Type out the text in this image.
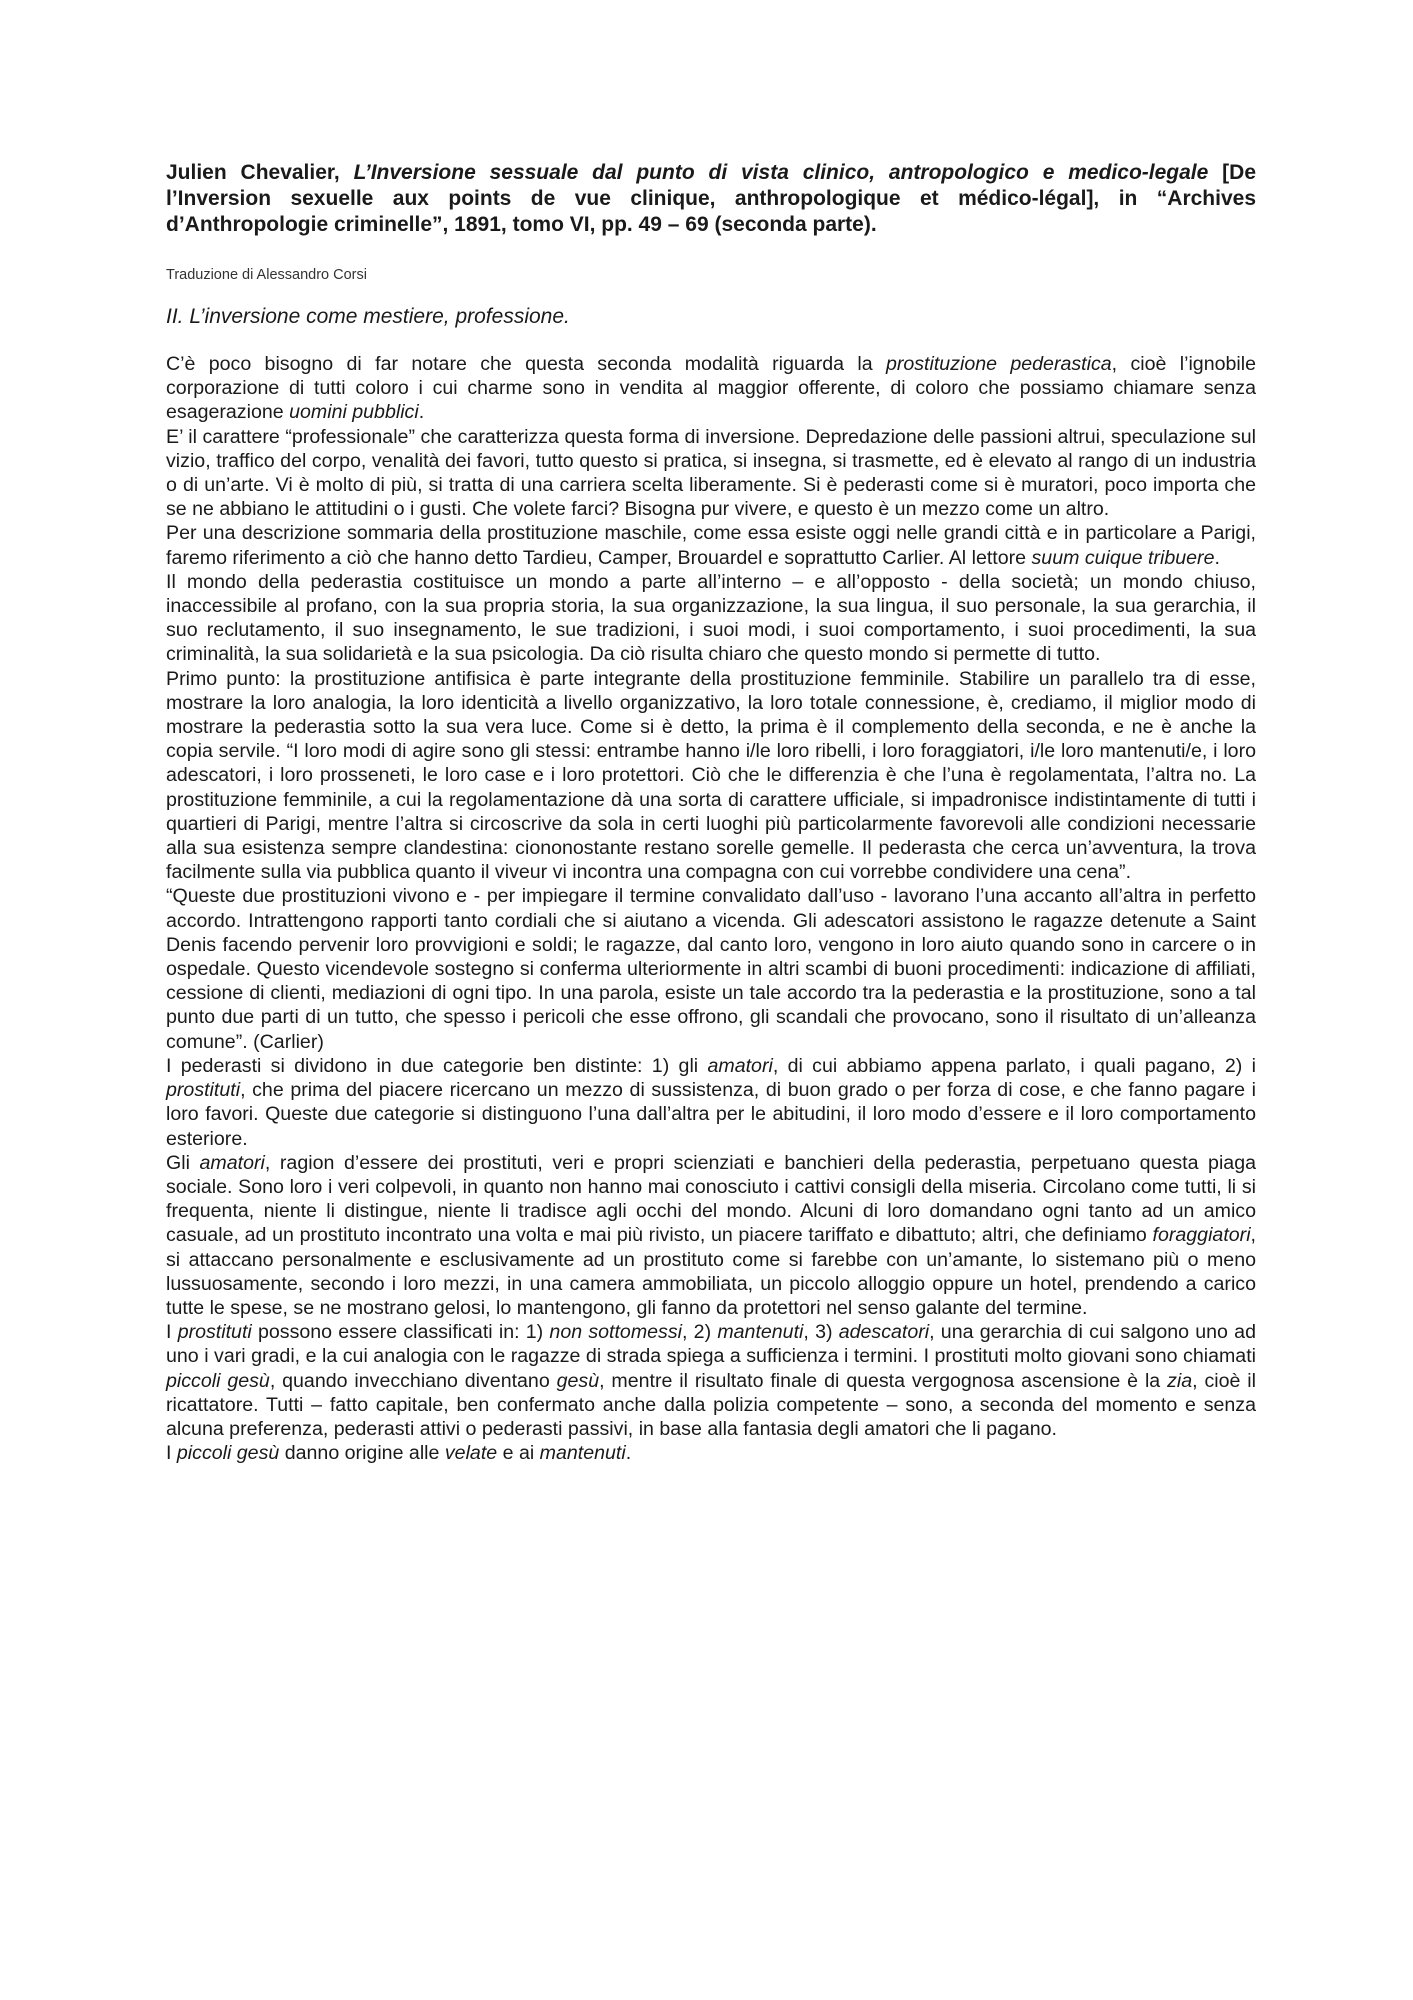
Julien Chevalier, L’Inversione sessuale dal punto di vista clinico, antropologico e medico-legale [De l’Inversion sexuelle aux points de vue clinique, anthropologique et médico-légal], in “Archives d’Anthropologie criminelle”, 1891, tomo VI, pp. 49 – 69 (seconda parte).

Traduzione di Alessandro Corsi

II. L’inversione come mestiere, professione.

C’è poco bisogno di far notare che questa seconda modalità riguarda la prostituzione pederastica, cioè l’ignobile corporazione di tutti coloro i cui charme sono in vendita al maggior offerente, di coloro che possiamo chiamare senza esagerazione uomini pubblici.

E’ il carattere “professionale” che caratterizza questa forma di inversione. Depredazione delle passioni altrui, speculazione sul vizio, traffico del corpo, venalità dei favori, tutto questo si pratica, si insegna, si trasmette, ed è elevato al rango di un industria o di un’arte. Vi è molto di più, si tratta di una carriera scelta liberamente. Si è pederasti come si è muratori, poco importa che se ne abbiano le attitudini o i gusti. Che volete farci? Bisogna pur vivere, e questo è un mezzo come un altro.

Per una descrizione sommaria della prostituzione maschile, come essa esiste oggi nelle grandi città e in particolare a Parigi, faremo riferimento a ciò che hanno detto Tardieu, Camper, Brouardel e soprattutto Carlier. Al lettore suum cuique tribuere.

Il mondo della pederastia costituisce un mondo a parte all’interno – e all’opposto - della società; un mondo chiuso, inaccessibile al profano, con la sua propria storia, la sua organizzazione, la sua lingua, il suo personale, la sua gerarchia, il suo reclutamento, il suo insegnamento, le sue tradizioni, i suoi modi, i suoi comportamento, i suoi procedimenti, la sua criminalità, la sua solidarietà e la sua psicologia. Da ciò risulta chiaro che questo mondo si permette di tutto.

Primo punto: la prostituzione antifisica è parte integrante della prostituzione femminile. Stabilire un parallelo tra di esse, mostrare la loro analogia, la loro identicità a livello organizzativo, la loro totale connessione, è, crediamo, il miglior modo di mostrare la pederastia sotto la sua vera luce. Come si è detto, la prima è il complemento della seconda, e ne è anche la copia servile. “I loro modi di agire sono gli stessi: entrambe hanno i/le loro ribelli, i loro foraggiatori, i/le loro mantenuti/e, i loro adescatori, i loro prosseneti, le loro case e i loro protettori. Ciò che le differenzia è che l’una è regolamentata, l’altra no. La prostituzione femminile, a cui la regolamentazione dà una sorta di carattere ufficiale, si impadronisce indistintamente di tutti i quartieri di Parigi, mentre l’altra si circoscrive da sola in certi luoghi più particolarmente favorevoli alle condizioni necessarie alla sua esistenza sempre clandestina: ciononostante restano sorelle gemelle. Il pederasta che cerca un’avventura, la trova facilmente sulla via pubblica quanto il viveur vi incontra una compagna con cui vorrebbe condividere una cena”.

“Queste due prostituzioni vivono e - per impiegare il termine convalidato dall’uso - lavorano l’una accanto all’altra in perfetto accordo. Intrattengono rapporti tanto cordiali che si aiutano a vicenda. Gli adescatori assistono le ragazze detenute a Saint Denis facendo pervenir loro provvigioni e soldi; le ragazze, dal canto loro, vengono in loro aiuto quando sono in carcere o in ospedale. Questo vicendevole sostegno si conferma ulteriormente in altri scambi di buoni procedimenti: indicazione di affiliati, cessione di clienti, mediazioni di ogni tipo. In una parola, esiste un tale accordo tra la pederastia e la prostituzione, sono a tal punto due parti di un tutto, che spesso i pericoli che esse offrono, gli scandali che provocano, sono il risultato di un’alleanza comune”. (Carlier)

I pederasti si dividono in due categorie ben distinte: 1) gli amatori, di cui abbiamo appena parlato, i quali pagano, 2) i prostituti, che prima del piacere ricercano un mezzo di sussistenza, di buon grado o per forza di cose, e che fanno pagare i loro favori. Queste due categorie si distinguono l’una dall’altra per le abitudini, il loro modo d’essere e il loro comportamento esteriore.

Gli amatori, ragion d’essere dei prostituti, veri e propri scienziati e banchieri della pederastia, perpetuano questa piaga sociale. Sono loro i veri colpevoli, in quanto non hanno mai conosciuto i cattivi consigli della miseria. Circolano come tutti, li si frequenta, niente li distingue, niente li tradisce agli occhi del mondo. Alcuni di loro domandano ogni tanto ad un amico casuale, ad un prostituto incontrato una volta e mai più rivisto, un piacere tariffato e dibattuto; altri, che definiamo foraggiatori, si attaccano personalmente e esclusivamente ad un prostituto come si farebbe con un’amante, lo sistemano più o meno lussuosamente, secondo i loro mezzi, in una camera ammobiliata, un piccolo alloggio oppure un hotel, prendendo a carico tutte le spese, se ne mostrano gelosi, lo mantengono, gli fanno da protettori nel senso galante del termine.

I prostituti possono essere classificati in: 1) non sottomessi, 2) mantenuti, 3) adescatori, una gerarchia di cui salgono uno ad uno i vari gradi, e la cui analogia con le ragazze di strada spiega a sufficienza i termini. I prostituti molto giovani sono chiamati piccoli gesù, quando invecchiano diventano gesù, mentre il risultato finale di questa vergognosa ascensione è la zia, cioè il ricattatore. Tutti – fatto capitale, ben confermato anche dalla polizia competente – sono, a seconda del momento e senza alcuna preferenza, pederasti attivi o pederasti passivi, in base alla fantasia degli amatori che li pagano.

I piccoli gesù danno origine alle velate e ai mantenuti.
